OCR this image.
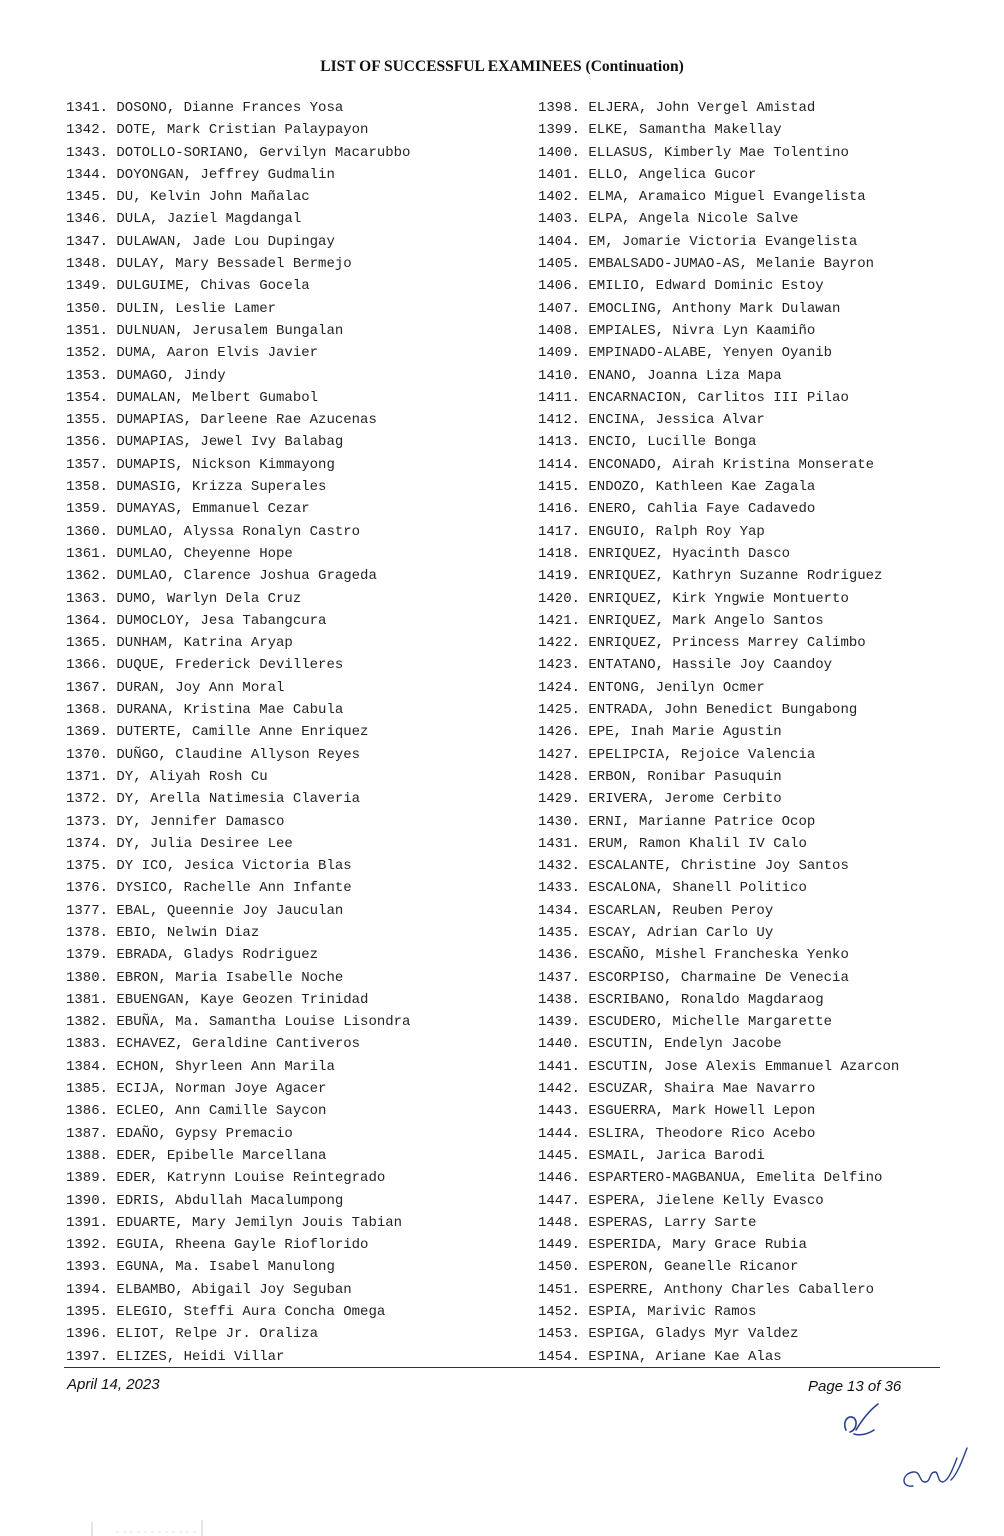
LIST OF SUCCESSFUL EXAMINEES (Continuation)
1341. DOSONO, Dianne Frances Yosa
1342. DOTE, Mark Cristian Palaypayon
1343. DOTOLLO-SORIANO, Gervilyn Macarubbo
1344. DOYONGAN, Jeffrey Gudmalin
1345. DU, Kelvin John Mañalac
1346. DULA, Jaziel Magdangal
1347. DULAWAN, Jade Lou Dupingay
1348. DULAY, Mary Bessadel Bermejo
1349. DULGUIME, Chivas Gocela
1350. DULIN, Leslie Lamer
1351. DULNUAN, Jerusalem Bungalan
1352. DUMA, Aaron Elvis Javier
1353. DUMAGO, Jindy
1354. DUMALAN, Melbert Gumabol
1355. DUMAPIAS, Darleene Rae Azucenas
1356. DUMAPIAS, Jewel Ivy Balabag
1357. DUMAPIS, Nickson Kimmayong
1358. DUMASIG, Krizza Superales
1359. DUMAYAS, Emmanuel Cezar
1360. DUMLAO, Alyssa Ronalyn Castro
1361. DUMLAO, Cheyenne Hope
1362. DUMLAO, Clarence Joshua Grageda
1363. DUMO, Warlyn Dela Cruz
1364. DUMOCLOY, Jesa Tabangcura
1365. DUNHAM, Katrina Aryap
1366. DUQUE, Frederick Devilleres
1367. DURAN, Joy Ann Moral
1368. DURANA, Kristina Mae Cabula
1369. DUTERTE, Camille Anne Enriquez
1370. DUÑGO, Claudine Allyson Reyes
1371. DY, Aliyah Rosh Cu
1372. DY, Arella Natimesia Claveria
1373. DY, Jennifer Damasco
1374. DY, Julia Desiree Lee
1375. DY ICO, Jesica Victoria Blas
1376. DYSICO, Rachelle Ann Infante
1377. EBAL, Queennie Joy Jauculan
1378. EBIO, Nelwin Diaz
1379. EBRADA, Gladys Rodriguez
1380. EBRON, Maria Isabelle Noche
1381. EBUENGAN, Kaye Geozen Trinidad
1382. EBUÑA, Ma. Samantha Louise Lisondra
1383. ECHAVEZ, Geraldine Cantiveros
1384. ECHON, Shyrleen Ann Marila
1385. ECIJA, Norman Joye Agacer
1386. ECLEO, Ann Camille Saycon
1387. EDAÑO, Gypsy Premacio
1388. EDER, Epibelle Marcellana
1389. EDER, Katrynn Louise Reintegrado
1390. EDRIS, Abdullah Macalumpong
1391. EDUARTE, Mary Jemilyn Jouis Tabian
1392. EGUIA, Rheena Gayle Rioflorido
1393. EGUNA, Ma. Isabel Manulong
1394. ELBAMBO, Abigail Joy Seguban
1395. ELEGIO, Steffi Aura Concha Omega
1396. ELIOT, Relpe Jr. Oraliza
1397. ELIZES, Heidi Villar
1398. ELJERA, John Vergel Amistad
1399. ELKE, Samantha Makellay
1400. ELLASUS, Kimberly Mae Tolentino
1401. ELLO, Angelica Gucor
1402. ELMA, Aramaico Miguel Evangelista
1403. ELPA, Angela Nicole Salve
1404. EM, Jomarie Victoria Evangelista
1405. EMBALSADO-JUMAO-AS, Melanie Bayron
1406. EMILIO, Edward Dominic Estoy
1407. EMOCLING, Anthony Mark Dulawan
1408. EMPIALES, Nivra Lyn Kaamiño
1409. EMPINADO-ALABE, Yenyen Oyanib
1410. ENANO, Joanna Liza Mapa
1411. ENCARNACION, Carlitos III Pilao
1412. ENCINA, Jessica Alvar
1413. ENCIO, Lucille Bonga
1414. ENCONADO, Airah Kristina Monserate
1415. ENDOZO, Kathleen Kae Zagala
1416. ENERO, Cahlia Faye Cadavedo
1417. ENGUIO, Ralph Roy Yap
1418. ENRIQUEZ, Hyacinth Dasco
1419. ENRIQUEZ, Kathryn Suzanne Rodriguez
1420. ENRIQUEZ, Kirk Yngwie Montuerto
1421. ENRIQUEZ, Mark Angelo Santos
1422. ENRIQUEZ, Princess Marrey Calimbo
1423. ENTATANO, Hassile Joy Caandoy
1424. ENTONG, Jenilyn Ocmer
1425. ENTRADA, John Benedict Bungabong
1426. EPE, Inah Marie Agustin
1427. EPELIPCIA, Rejoice Valencia
1428. ERBON, Ronibar Pasuquin
1429. ERIVERA, Jerome Cerbito
1430. ERNI, Marianne Patrice Ocop
1431. ERUM, Ramon Khalil IV Calo
1432. ESCALANTE, Christine Joy Santos
1433. ESCALONA, Shanell Politico
1434. ESCARLAN, Reuben Peroy
1435. ESCAY, Adrian Carlo Uy
1436. ESCAÑO, Mishel Francheska Yenko
1437. ESCORPISO, Charmaine De Venecia
1438. ESCRIBANO, Ronaldo Magdaraog
1439. ESCUDERO, Michelle Margarette
1440. ESCUTIN, Endelyn Jacobe
1441. ESCUTIN, Jose Alexis Emmanuel Azarcon
1442. ESCUZAR, Shaira Mae Navarro
1443. ESGUERRA, Mark Howell Lepon
1444. ESLIRA, Theodore Rico Acebo
1445. ESMAIL, Jarica Barodi
1446. ESPARTERO-MAGBANUA, Emelita Delfino
1447. ESPERA, Jielene Kelly Evasco
1448. ESPERAS, Larry Sarte
1449. ESPERIDA, Mary Grace Rubia
1450. ESPERON, Geanelle Ricanor
1451. ESPERRE, Anthony Charles Caballero
1452. ESPIA, Marivic Ramos
1453. ESPIGA, Gladys Myr Valdez
1454. ESPINA, Ariane Kae Alas
April 14, 2023	Page 13 of 36
